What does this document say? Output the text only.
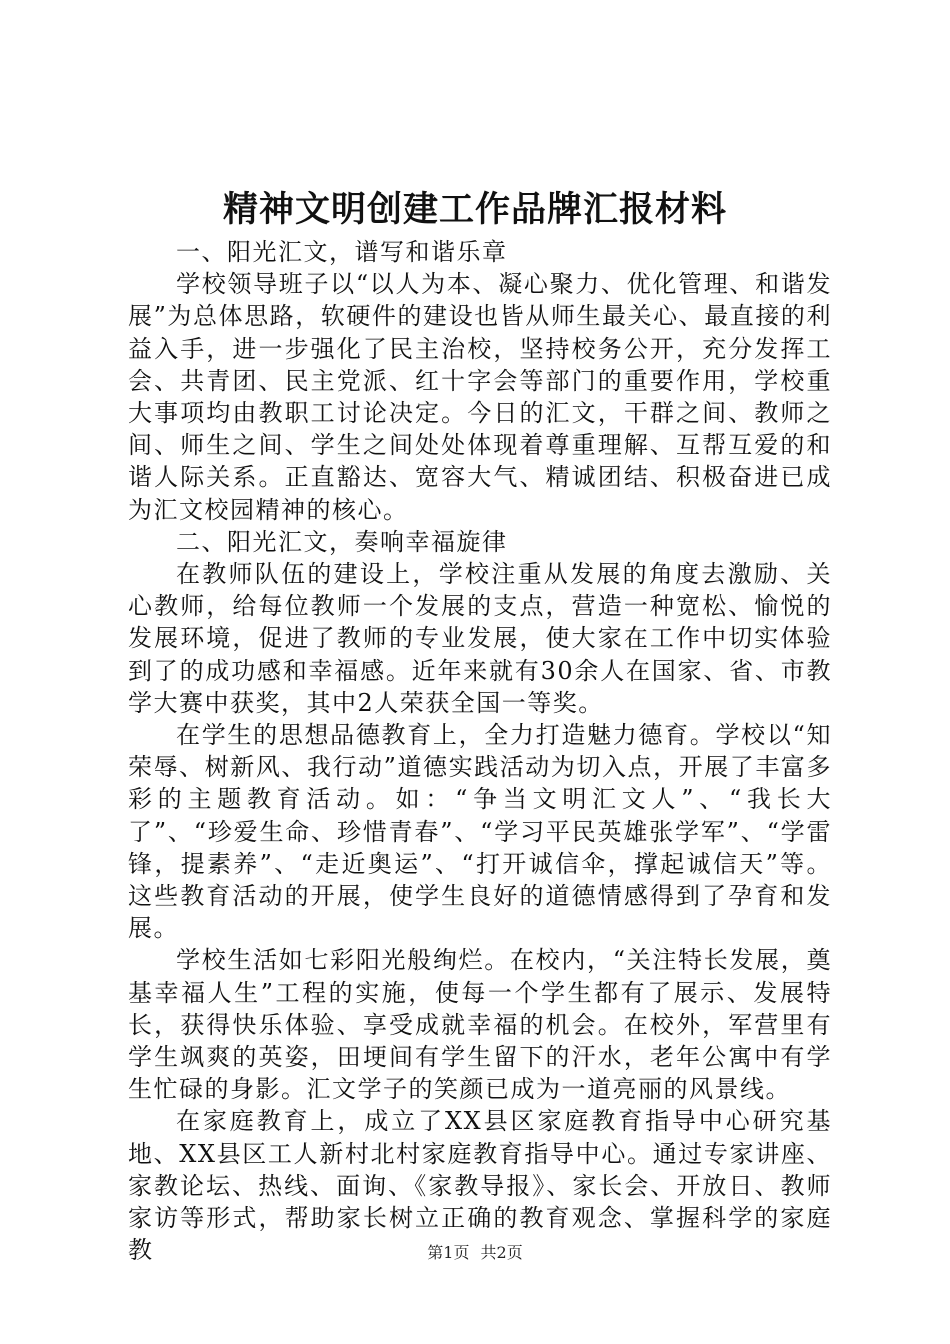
精神文明创建工作品牌汇报材料

一、阳光汇文，谱写和谐乐章

学校领导班子以“以人为本、凝心聚力、优化管理、和谐发展”为总体思路，软硬件的建设也皆从师生最关心、最直接的利益入手，进一步强化了民主治校，坚持校务公开，充分发挥工会、共青团、民主党派、红十字会等部门的重要作用，学校重大事项均由教职工讨论决定。今日的汇文，干群之间、教师之间、师生之间、学生之间处处体现着尊重理解、互帮互爱的和谐人际关系。正直豁达、宽容大气、精诚团结、积极奋进已成为汇文校园精神的核心。

二、阳光汇文，奏响幸福旋律

在教师队伍的建设上，学校注重从发展的角度去激励、关心教师，给每位教师一个发展的支点，营造一种宽松、愉悦的发展环境，促进了教师的专业发展，使大家在工作中切实体验到了的成功感和幸福感。近年来就有30余人在国家、省、市教学大赛中获奖，其中2人荣获全国一等奖。

在学生的思想品德教育上，全力打造魅力德育。学校以“知荣辱、树新风、我行动”道德实践活动为切入点，开展了丰富多彩的主题教育活动。如：“争当文明汇文人”、“我长大了”、“珍爱生命、珍惜青春”、“学习平民英雄张学军”、“学雷锋，提素养”、“走近奥运”、“打开诚信伞，撑起诚信天”等。这些教育活动的开展，使学生良好的道德情感得到了孕育和发展。

学校生活如七彩阳光般绚烂。在校内，“关注特长发展，奠基幸福人生”工程的实施，使每一个学生都有了展示、发展特长，获得快乐体验、享受成就幸福的机会。在校外，军营里有学生飒爽的英姿，田埂间有学生留下的汗水，老年公寓中有学生忙碌的身影。汇文学子的笑颜已成为一道亮丽的风景线。

在家庭教育上，成立了XX县区家庭教育指导中心研究基地、XX县区工人新村北村家庭教育指导中心。通过专家讲座、家教论坛、热线、面询、《家教导报》、家长会、开放日、教师家访等形式，帮助家长树立正确的教育观念、掌握科学的家庭教	第1页 共2页
